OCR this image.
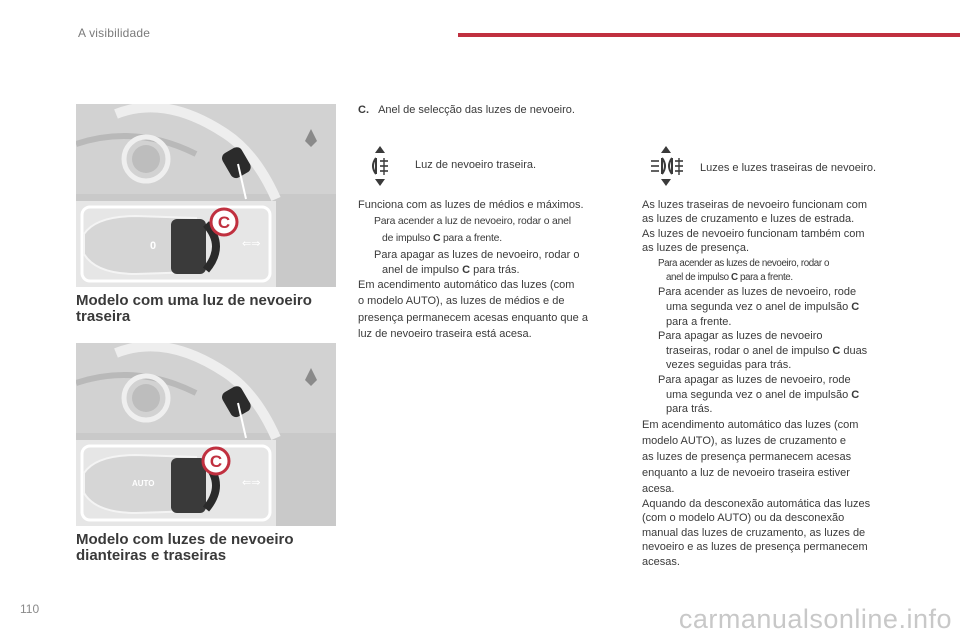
A visibilidade
C
0	⇐⇒
Modelo com uma luz de nevoeiro traseira
C
AUTO	⇐⇒
Modelo com luzes de nevoeiro dianteiras e traseiras
C. Anel de selecção das luzes de nevoeiro.
Luz de nevoeiro traseira.
Funciona com as luzes de médios e máximos.
Para acender a luz de nevoeiro, rodar o anel
de impulso C para a frente.
Para apagar as luzes de nevoeiro, rodar o
anel de impulso C para trás.
Em acendimento automático das luzes (com
o modelo AUTO), as luzes de médios e de
presença permanecem acesas enquanto que a
luz de nevoeiro traseira está acesa.
Luzes e luzes traseiras de nevoeiro.
As luzes traseiras de nevoeiro funcionam com
as luzes de cruzamento e luzes de estrada.
As luzes de nevoeiro funcionam também com
as luzes de presença.
Para acender as luzes de nevoeiro, rodar o
anel de impulso C para a frente.
Para acender as luzes de nevoeiro, rode
uma segunda vez o anel de impulsão C
para a frente.
Para apagar as luzes de nevoeiro
traseiras, rodar o anel de impulso C duas
vezes seguidas para trás.
Para apagar as luzes de nevoeiro, rode
uma segunda vez o anel de impulsão C
para trás.
Em acendimento automático das luzes (com
modelo AUTO), as luzes de cruzamento e
as luzes de presença permanecem acesas
enquanto a luz de nevoeiro traseira estiver
acesa.
Aquando da desconexão automática das luzes
(com o modelo AUTO) ou da desconexão
manual das luzes de cruzamento, as luzes de
nevoeiro e as luzes de presença permanecem
acesas.
110	carmanualsonline.info
